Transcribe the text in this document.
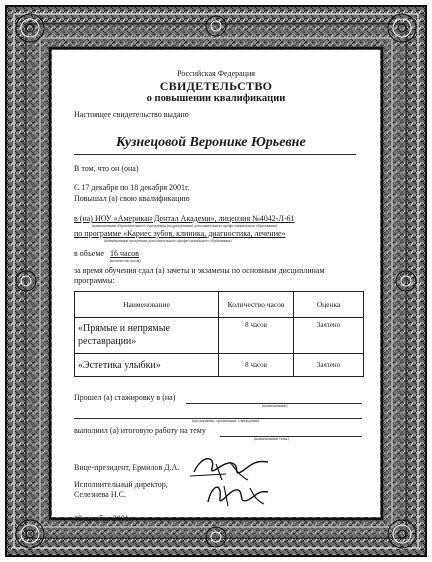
Российская Федерация
СВИДЕТЕЛЬСТВО
о повышении квалификации
Настоящее свидетельство выдано
Кузнецовой Веронике Юрьевне
В том, что он (она)
С 17 декабря по 18 декабря 2001г.
Повышал (а) свою квалификацию
в (на) НОУ «Американ Дентал Академи», лицензия №4042-Л-61
(наименование образовательного учреждения (подразделения) дополнительного профессионального образования)
по программе «Кариес зубов, клиника, диагностика, лечение»
(наименование программы дополнительного профессионального образования)
в объеме 16 часов
(количество часов)
за время обучения сдал (а) зачеты и экзамены по основным дисциплинам программы:
Наименование	Количество часов	Оценка
«Прямые и непрямые реставрации»	8 часов	Зачтено
«Эстетика улыбки»	8 часов	Зачтено
Прошел (а) стажировку в (на)
(наименование)
(предприятия, организации, учреждения)
выполнил (а) итоговую работу на тему
(наименование темы)
Вице-президент, Ермилов Д.А.
Исполнительный директор,
Селезнева Н.С.
18 декабря 2001г.
